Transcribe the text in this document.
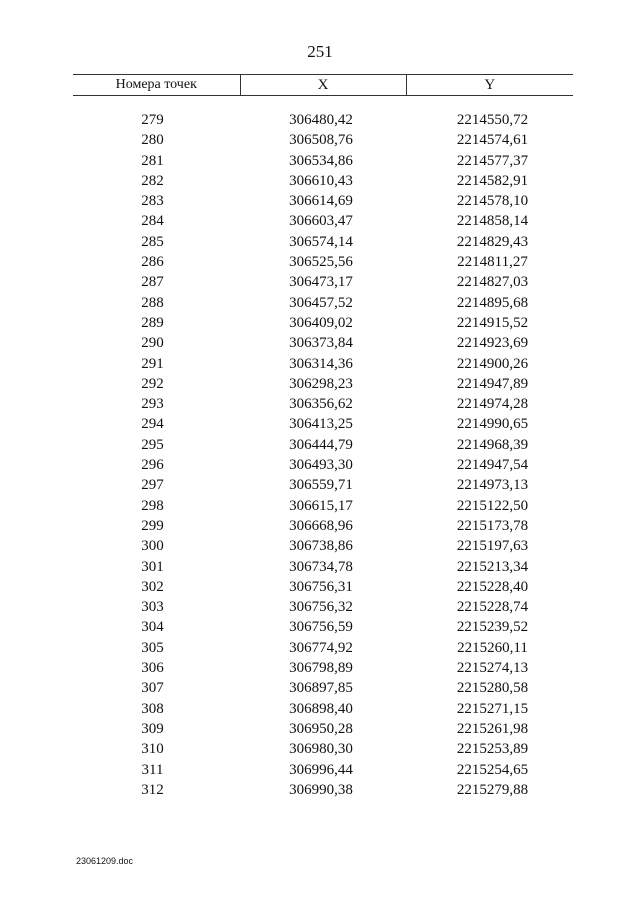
251
Номера точек	X	Y

279	306480,42	2214550,72
280	306508,76	2214574,61
281	306534,86	2214577,37
282	306610,43	2214582,91
283	306614,69	2214578,10
284	306603,47	2214858,14
285	306574,14	2214829,43
286	306525,56	2214811,27
287	306473,17	2214827,03
288	306457,52	2214895,68
289	306409,02	2214915,52
290	306373,84	2214923,69
291	306314,36	2214900,26
292	306298,23	2214947,89
293	306356,62	2214974,28
294	306413,25	2214990,65
295	306444,79	2214968,39
296	306493,30	2214947,54
297	306559,71	2214973,13
298	306615,17	2215122,50
299	306668,96	2215173,78
300	306738,86	2215197,63
301	306734,78	2215213,34
302	306756,31	2215228,40
303	306756,32	2215228,74
304	306756,59	2215239,52
305	306774,92	2215260,11
306	306798,89	2215274,13
307	306897,85	2215280,58
308	306898,40	2215271,15
309	306950,28	2215261,98
310	306980,30	2215253,89
311	306996,44	2215254,65
312	306990,38	2215279,88
23061209.doc
